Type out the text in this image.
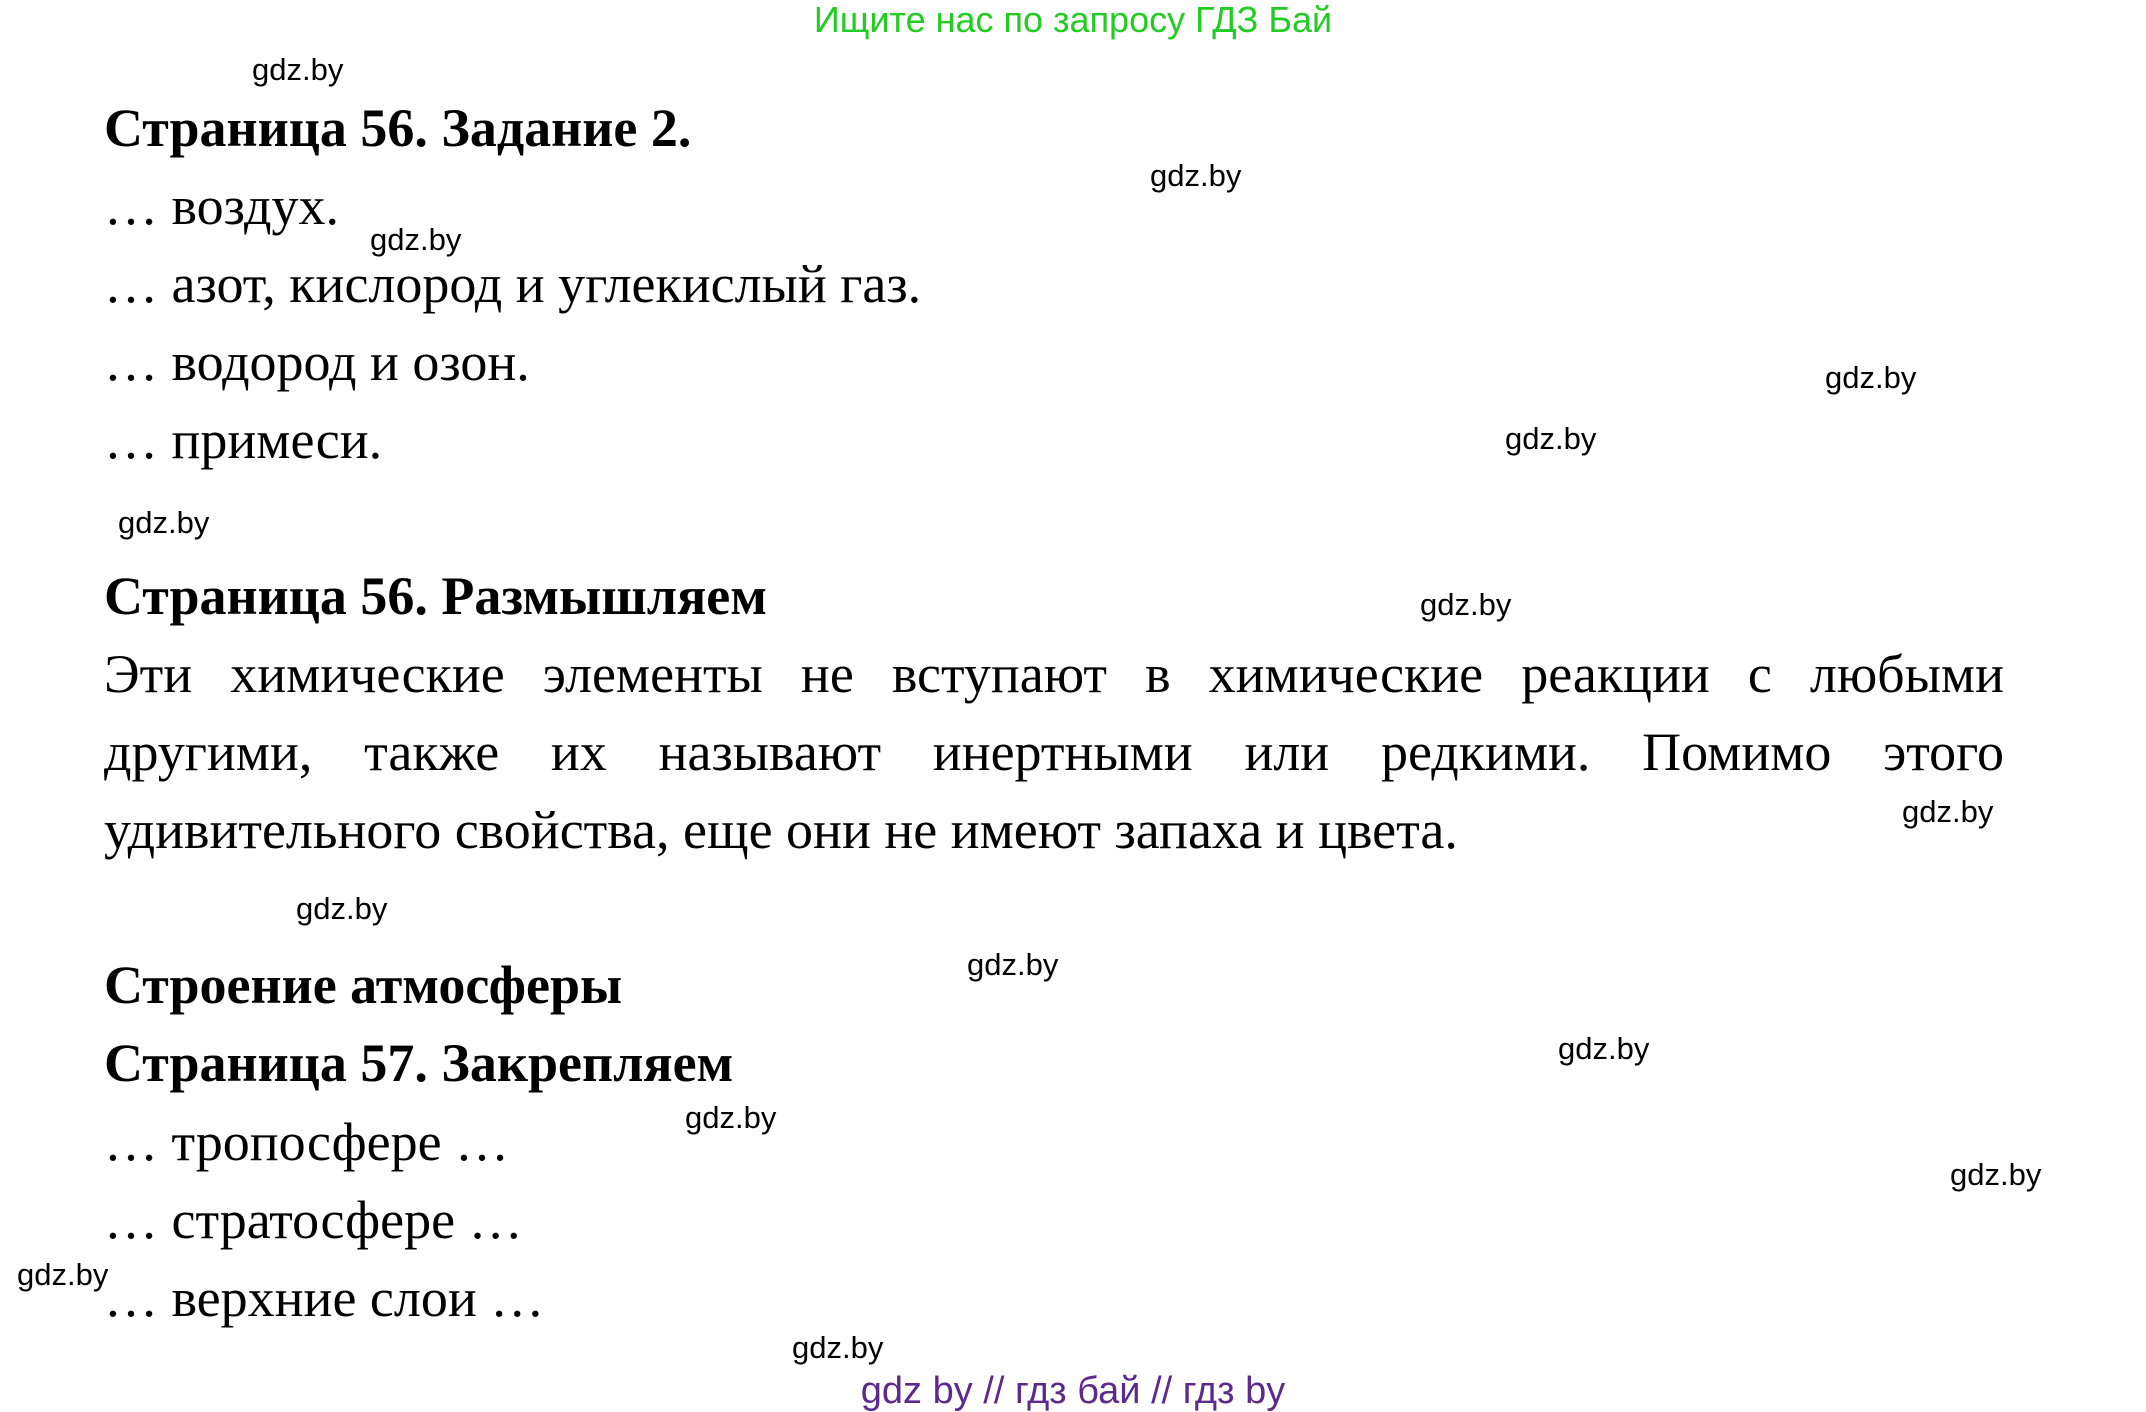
Ищите нас по запросу ГДЗ Бай
Страница 56. Задание 2.
… воздух.
… азот, кислород и углекислый газ.
… водород и озон.
… примеси.
Страница 56. Размышляем
Эти химические элементы не вступают в химические реакции с любыми другими, также их называют инертными или редкими. Помимо этого удивительного свойства, еще они не имеют запаха и цвета.
Строение атмосферы
Страница 57. Закрепляем
… тропосфере …
… стратосфере …
… верхние слои …
gdz.by
gdz.by
gdz.by
gdz.by
gdz.by
gdz.by
gdz.by
gdz.by
gdz.by
gdz.by
gdz.by
gdz.by
gdz.by
gdz.by
gdz.by
gdz by // гдз бай // гдз by
